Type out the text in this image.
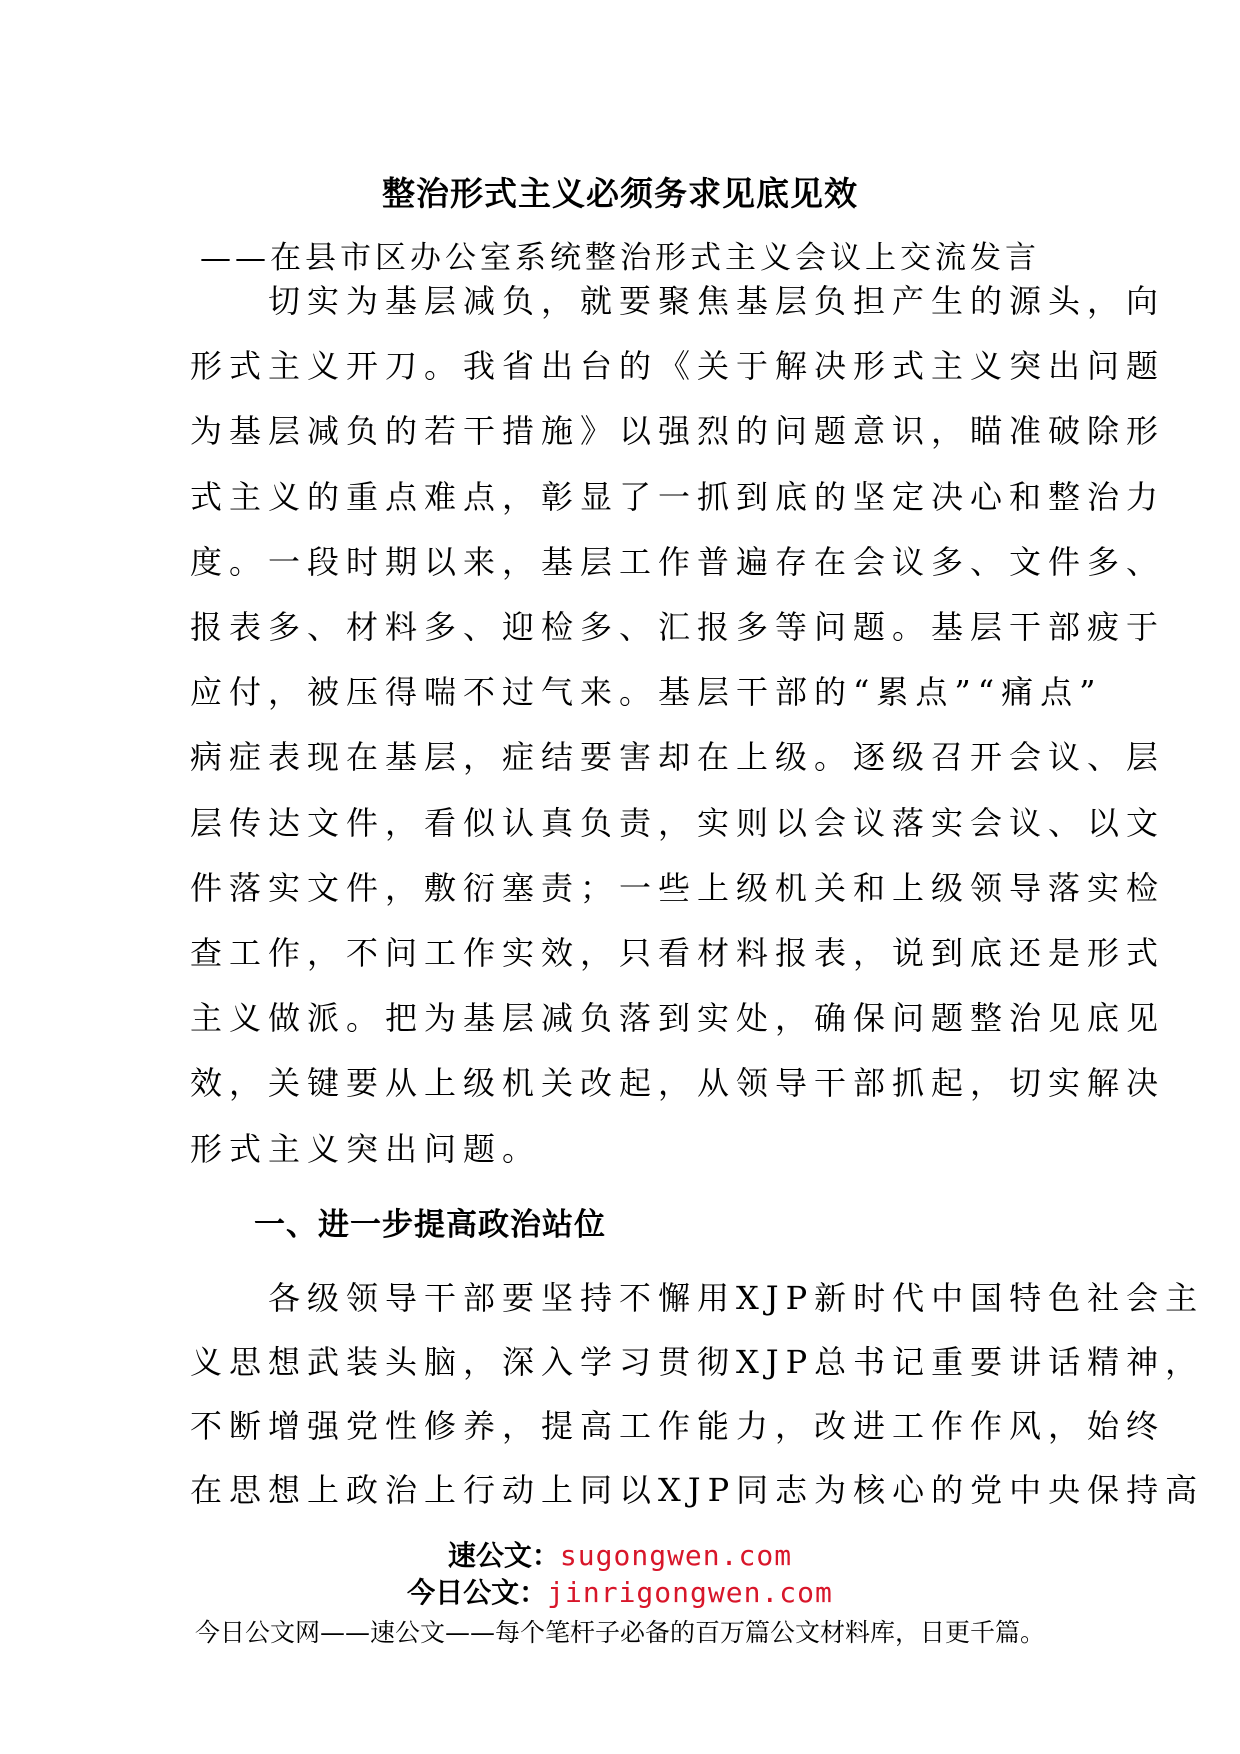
整治形式主义必须务求见底见效
——在县市区办公室系统整治形式主义会议上交流发言
　　切实为基层减负，就要聚焦基层负担产生的源头，向
形式主义开刀。我省出台的《关于解决形式主义突出问题
为基层减负的若干措施》以强烈的问题意识，瞄准破除形
式主义的重点难点，彰显了一抓到底的坚定决心和整治力
度。一段时期以来，基层工作普遍存在会议多、文件多、
报表多、材料多、迎检多、汇报多等问题。基层干部疲于
应付，被压得喘不过气来。基层干部的“累点”“痛点”
病症表现在基层，症结要害却在上级。逐级召开会议、层
层传达文件，看似认真负责，实则以会议落实会议、以文
件落实文件，敷衍塞责；一些上级机关和上级领导落实检
查工作，不问工作实效，只看材料报表，说到底还是形式
主义做派。把为基层减负落到实处，确保问题整治见底见
效，关键要从上级机关改起，从领导干部抓起，切实解决
形式主义突出问题。
一、进一步提高政治站位
　　各级领导干部要坚持不懈用XJP新时代中国特色社会主
义思想武装头脑，深入学习贯彻XJP总书记重要讲话精神，
不断增强党性修养，提高工作能力，改进工作作风，始终
在思想上政治上行动上同以XJP同志为核心的党中央保持高
速公文：sugongwen.com
今日公文：jinrigongwen.com
今日公文网——速公文——每个笔杆子必备的百万篇公文材料库，日更千篇。
